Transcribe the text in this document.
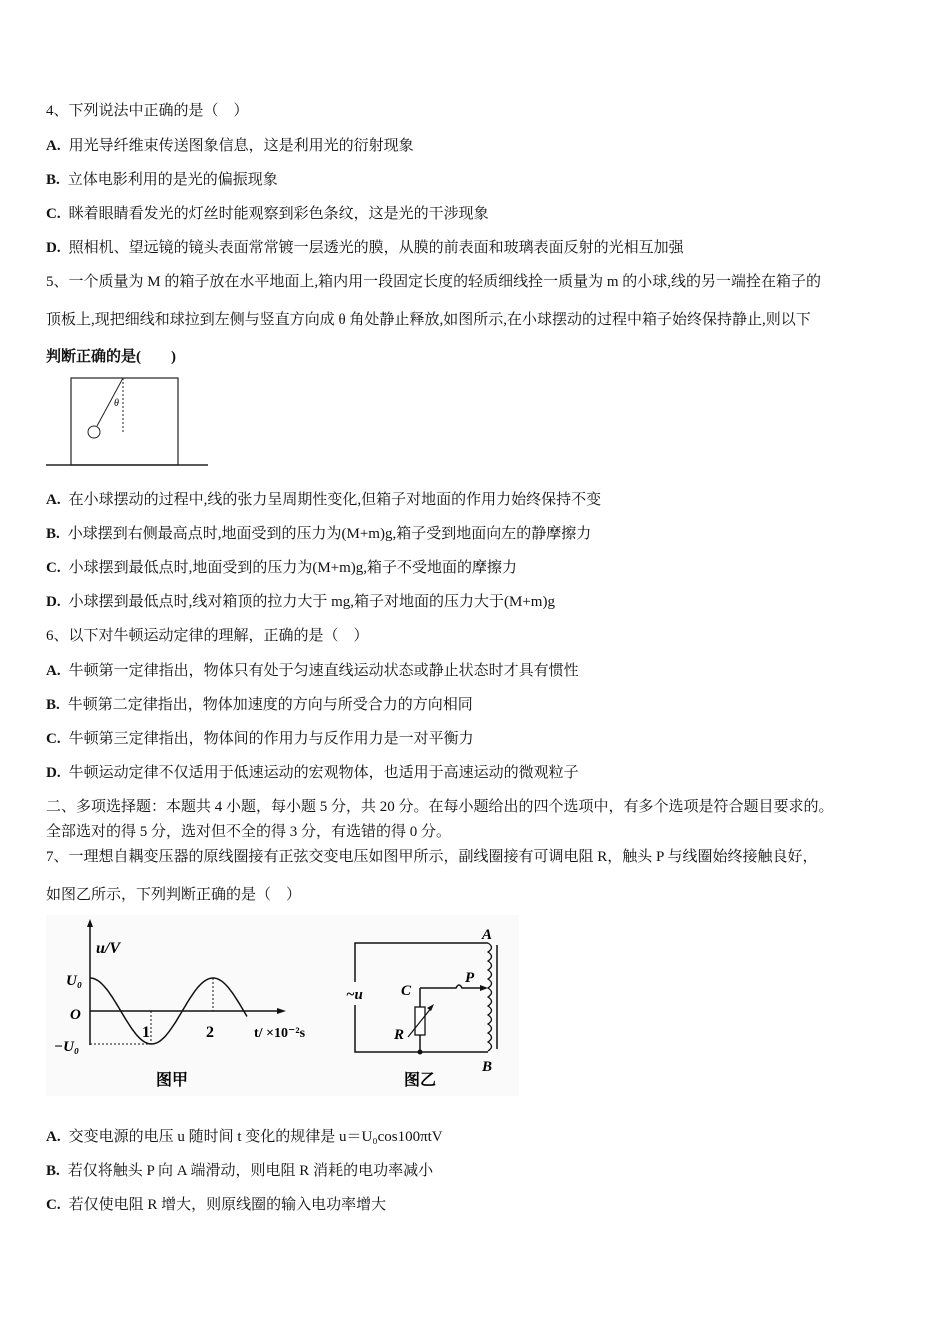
4、下列说法中正确的是（　）
A. 用光导纤维束传送图象信息，这是利用光的衍射现象
B. 立体电影利用的是光的偏振现象
C. 眯着眼睛看发光的灯丝时能观察到彩色条纹，这是光的干涉现象
D. 照相机、望远镜的镜头表面常常镀一层透光的膜，从膜的前表面和玻璃表面反射的光相互加强
5、一个质量为 M 的箱子放在水平地面上,箱内用一段固定长度的轻质细线拴一质量为 m 的小球,线的另一端拴在箱子的
顶板上,现把细线和球拉到左侧与竖直方向成 θ 角处静止释放,如图所示,在小球摆动的过程中箱子始终保持静止,则以下
判断正确的是(　　)
θ
A. 在小球摆动的过程中,线的张力呈周期性变化,但箱子对地面的作用力始终保持不变
B. 小球摆到右侧最高点时,地面受到的压力为(M+m)g,箱子受到地面向左的静摩擦力
C. 小球摆到最低点时,地面受到的压力为(M+m)g,箱子不受地面的摩擦力
D. 小球摆到最低点时,线对箱顶的拉力大于 mg,箱子对地面的压力大于(M+m)g
6、以下对牛顿运动定律的理解，正确的是（　）
A. 牛顿第一定律指出，物体只有处于匀速直线运动状态或静止状态时才具有惯性
B. 牛顿第二定律指出，物体加速度的方向与所受合力的方向相同
C. 牛顿第三定律指出，物体间的作用力与反作用力是一对平衡力
D. 牛顿运动定律不仅适用于低速运动的宏观物体，也适用于高速运动的微观粒子
二、多项选择题：本题共 4 小题，每小题 5 分，共 20 分。在每小题给出的四个选项中，有多个选项是符合题目要求的。
全部选对的得 5 分，选对但不全的得 3 分，有选错的得 0 分。
7、一理想自耦变压器的原线圈接有正弦交变电压如图甲所示，副线圈接有可调电阻 R，触头 P 与线圈始终接触良好，
如图乙所示，下列判断正确的是（　）
u/V
U₀
O
−U₀
1	2	t/ ×10⁻²s
图甲
~u
A
B
C
P
R
图乙
A. 交变电源的电压 u 随时间 t 变化的规律是 u＝U₀cos100πtV
B. 若仅将触头 P 向 A 端滑动，则电阻 R 消耗的电功率减小
C. 若仅使电阻 R 增大，则原线圈的输入电功率增大
